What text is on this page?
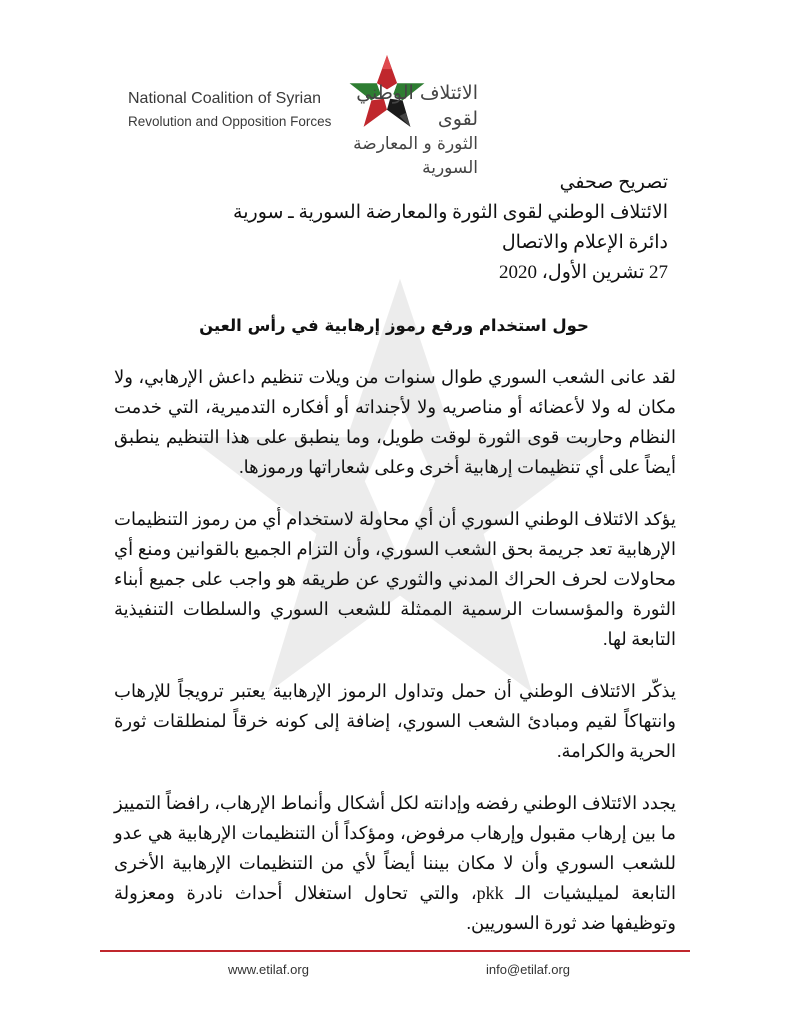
National Coalition of Syrian
Revolution and Opposition Forces
الائتلاف الوطني لقوى
الثورة و المعارضة السورية
تصريح صحفي
الائتلاف الوطني لقوى الثورة والمعارضة السورية ـ سورية
دائرة الإعلام والاتصال
27 تشرين الأول، 2020
حول استخدام ورفع رموز إرهابية في رأس العين

لقد عانى الشعب السوري طوال سنوات من ويلات تنظيم داعش الإرهابي، ولا مكان له ولا لأعضائه أو مناصريه ولا لأجنداته أو أفكاره التدميرية، التي خدمت النظام وحاربت قوى الثورة لوقت طويل، وما ينطبق على هذا التنظيم ينطبق أيضاً على أي تنظيمات إرهابية أخرى وعلى شعاراتها ورموزها.

يؤكد الائتلاف الوطني السوري أن أي محاولة لاستخدام أي من رموز التنظيمات الإرهابية تعد جريمة بحق الشعب السوري، وأن التزام الجميع بالقوانين ومنع أي محاولات لحرف الحراك المدني والثوري عن طريقه هو واجب على جميع أبناء الثورة والمؤسسات الرسمية الممثلة للشعب السوري والسلطات التنفيذية التابعة لها.

يذكّر الائتلاف الوطني أن حمل وتداول الرموز الإرهابية يعتبر ترويجاً للإرهاب وانتهاكاً لقيم ومبادئ الشعب السوري، إضافة إلى كونه خرقاً لمنطلقات ثورة الحرية والكرامة.

يجدد الائتلاف الوطني رفضه وإدانته لكل أشكال وأنماط الإرهاب، رافضاً التمييز ما بين إرهاب مقبول وإرهاب مرفوض، ومؤكداً أن التنظيمات الإرهابية هي عدو للشعب السوري وأن لا مكان بيننا أيضاً لأي من التنظيمات الإرهابية الأخرى التابعة لميليشيات الـ pkk، والتي تحاول استغلال أحداث نادرة ومعزولة وتوظيفها ضد ثورة السوريين.

www.etilaf.org	info@etilaf.org
